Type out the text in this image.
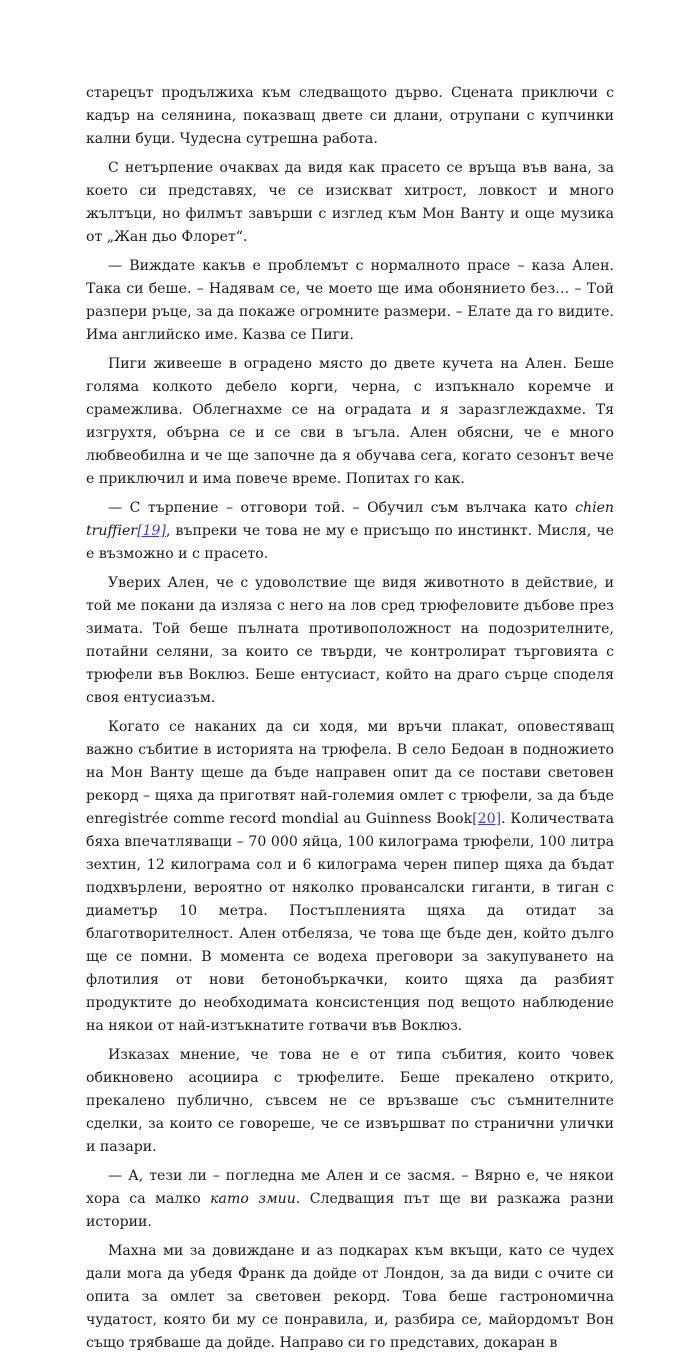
старецът продължиха към следващото дърво. Сцената приключи с кадър на селянина, показващ двете си длани, отрупани с купчинки кални буци. Чудесна сутрешна работа.

С нетърпение очаквах да видя как прасето се връща във вана, за което си представях, че се изискват хитрост, ловкост и много жълтъци, но филмът завърши с изглед към Мон Ванту и още музика от „Жан дьо Флорет“.

— Виждате какъв е проблемът с нормалното прасе – каза Ален. Така си беше. – Надявам се, че моето ще има обонянието без… – Той разпери ръце, за да покаже огромните размери. – Елате да го видите. Има английско име. Казва се Пиги.

Пиги живееше в оградено място до двете кучета на Ален. Беше голяма колкото дебело корги, черна, с изпъкнало коремче и срамежлива. Облегнахме се на оградата и я заразглеждахме. Тя изгрухтя, обърна се и се сви в ъгъла. Ален обясни, че е много любвеобилна и че ще започне да я обучава сега, когато сезонът вече е приключил и има повече време. Попитах го как.

— С търпение – отговори той. – Обучил съм вълчака като chien truffier[19], въпреки че това не му е присъщо по инстинкт. Мисля, че е възможно и с прасето.

Уверих Ален, че с удоволствие ще видя животното в действие, и той ме покани да изляза с него на лов сред трюфеловите дъбове през зимата. Той беше пълната противоположност на подозрителните, потайни селяни, за които се твърди, че контролират търговията с трюфели във Воклюз. Беше ентусиаст, който на драго сърце споделя своя ентусиазъм.

Когато се наканих да си ходя, ми връчи плакат, оповестяващ важно събитие в историята на трюфела. В село Бедоан в подножието на Мон Ванту щеше да бъде направен опит да се постави световен рекорд – щяха да приготвят най-големия омлет с трюфели, за да бъде enregistrée comme record mondial au Guinness Book[20]. Количествата бяха впечатляващи – 70 000 яйца, 100 килограма трюфели, 100 литра зехтин, 12 килограма сол и 6 килограма черен пипер щяха да бъдат подхвърлени, вероятно от няколко провансалски гиганти, в тиган с диаметър 10 метра. Постъпленията щяха да отидат за благотворителност. Ален отбеляза, че това ще бъде ден, който дълго ще се помни. В момента се водеха преговори за закупуването на флотилия от нови бетонобъркачки, които щяха да разбият продуктите до необходимата консистенция под вещото наблюдение на някои от най-изтъкнатите готвачи във Воклюз.

Изказах мнение, че това не е от типа събития, които човек обикновено асоциира с трюфелите. Беше прекалено открито, прекалено публично, съвсем не се връзваше със съмнителните сделки, за които се говореше, че се извършват по странични улички и пазари.

— А, тези ли – погледна ме Ален и се засмя. – Вярно е, че някои хора са малко като змии. Следващия път ще ви разкажа разни истории.

Махна ми за довиждане и аз подкарах към вкъщи, като се чудех дали мога да убедя Франк да дойде от Лондон, за да види с очите си опита за омлет за световен рекорд. Това беше гастрономична чудатост, която би му се понравила, и, разбира се, майордомът Вон също трябваше да дойде. Направо си го представих, докаран в
